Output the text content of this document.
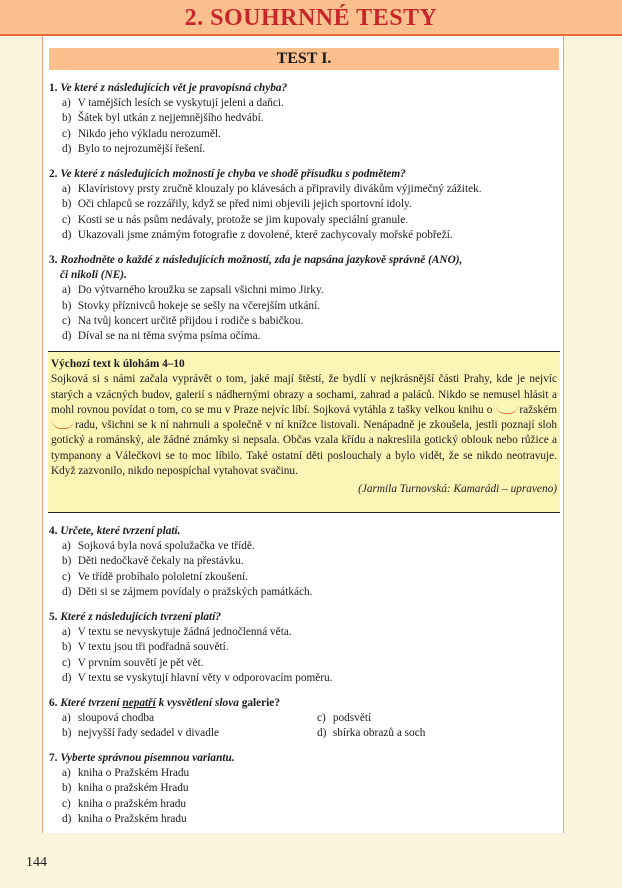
2. SOUHRNNÉ TESTY
TEST I.
1. Ve které z následujících vět je pravopisná chyba?
a) V tamějších lesích se vyskytují jeleni a daňci.
b) Šátek byl utkán z nejjemnějšího hedvábí.
c) Nikdo jeho výkladu nerozuměl.
d) Bylo to nejrozumější řešení.
2. Ve které z následujících možností je chyba ve shodě přísudku s podmětem?
a) Klavíristovy prsty zručně klouzaly po klávesách a připravily divákům výjimečný zážitek.
b) Oči chlapců se rozzářily, když se před nimi objevili jejich sportovní idoly.
c) Kosti se u nás psům nedávaly, protože se jim kupovaly speciální granule.
d) Ukazovali jsme známým fotografie z dovolené, které zachycovaly mořské pobřeží.
3. Rozhodněte o každé z následujících možností, zda je napsána jazykově správně (ANO),
či nikoli (NE).
a) Do výtvarného kroužku se zapsali všichni mimo Jirky.
b) Stovky příznivců hokeje se sešly na včerejším utkání.
c) Na tvůj koncert určitě přijdou i rodiče s babičkou.
d) Díval se na ni těma svýma psíma očíma.
Výchozí text k úlohám 4–10

Sojková si s námi začala vyprávět o tom, jaké mají štěstí, že bydlí v nejkrásnější části Prahy, kde je nejvíc starých a vzácných budov, galerií s nádhernými obrazy a sochami, zahrad a paláců. Nikdo se nemusel hlásit a mohl rovnou povídat o tom, co se mu v Praze nejvíc líbí. Sojková vytáhla z tašky velkou knihu o ražském radu, všichni se k ní nahrnuli a společně v ní knížce listovali. Nenápadně je zkoušela, jestli poznají sloh gotický a románský, ale žádné známky si nepsala. Občas vzala křídu a nakreslila gotický oblouk nebo růžice a tympanony a Válečkovi se to moc líbilo. Také ostatní děti poslouchaly a bylo vidět, že se nikdo neotravuje. Když zazvonilo, nikdo nepospíchal vytahovat svačinu.

(Jarmila Turnovská: Kamarádi – upraveno)
4. Určete, které tvrzení platí.
a) Sojková byla nová spolužačka ve třídě.
b) Děti nedočkavě čekaly na přestávku.
c) Ve třídě probíhalo pololetní zkoušení.
d) Děti si se zájmem povídaly o pražských památkách.
5. Které z následujících tvrzení platí?
a) V textu se nevyskytuje žádná jednočlenná věta.
b) V textu jsou tři podřadná souvětí.
c) V prvním souvětí je pět vět.
d) V textu se vyskytují hlavní věty v odporovacím poměru.
6. Které tvrzení nepatří k vysvětlení slova galerie?
a) sloupová chodba	c) podsvětí
b) nejvyšší řady sedadel v divadle	d) sbírka obrazů a soch
7. Vyberte správnou písemnou variantu.
a) kniha o Pražském Hradu
b) kniha o pražském Hradu
c) kniha o pražském hradu
d) kniha o Pražském hradu
144
